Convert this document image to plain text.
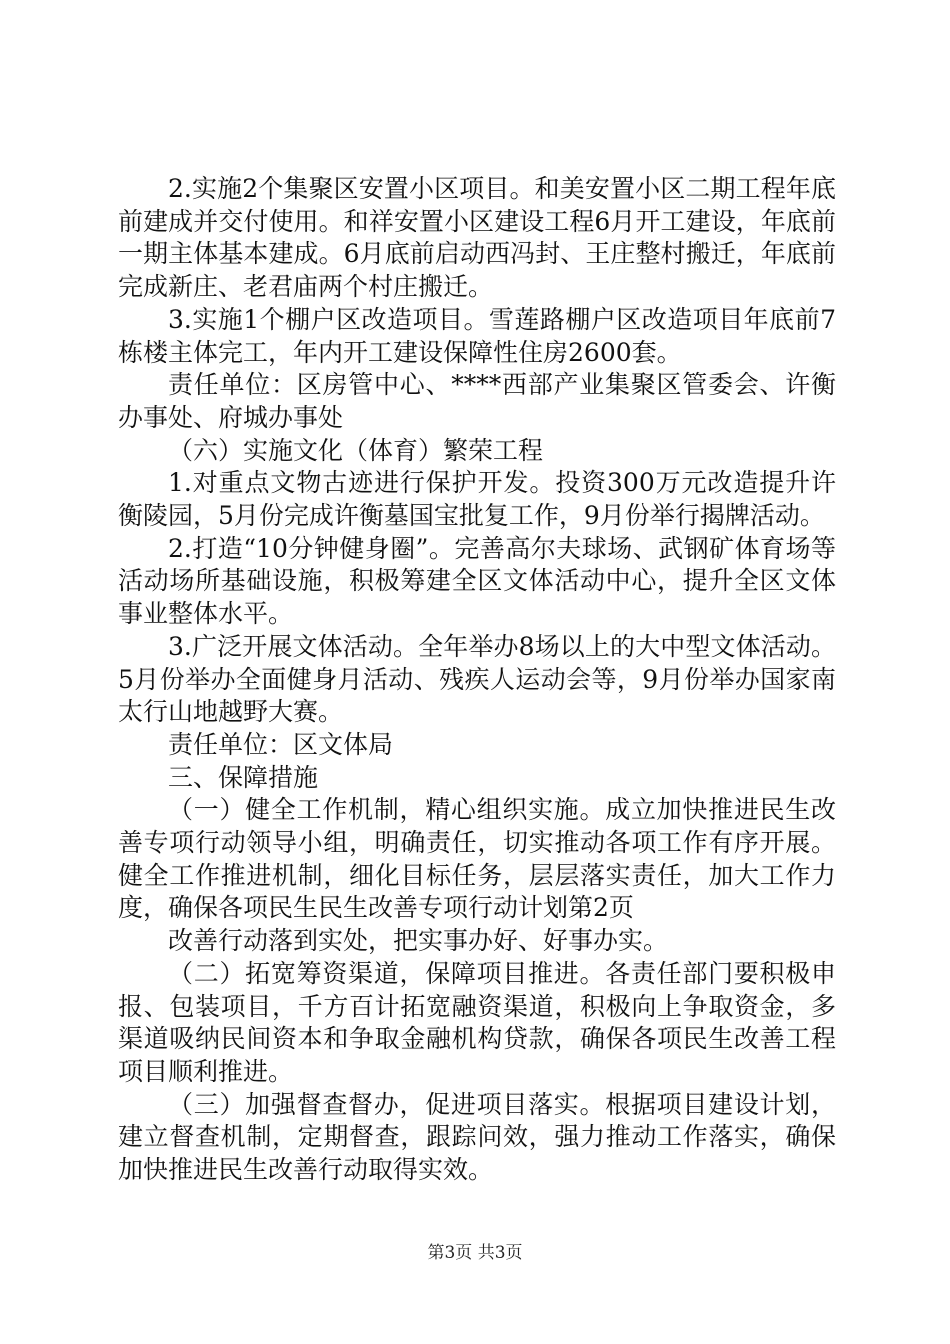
2.实施2个集聚区安置小区项目。和美安置小区二期工程年底前建成并交付使用。和祥安置小区建设工程6月开工建设，年底前一期主体基本建成。6月底前启动西冯封、王庄整村搬迁，年底前完成新庄、老君庙两个村庄搬迁。

3.实施1个棚户区改造项目。雪莲路棚户区改造项目年底前7栋楼主体完工，年内开工建设保障性住房2600套。

责任单位：区房管中心、****西部产业集聚区管委会、许衡办事处、府城办事处

（六）实施文化（体育）繁荣工程

1.对重点文物古迹进行保护开发。投资300万元改造提升许衡陵园，5月份完成许衡墓国宝批复工作，9月份举行揭牌活动。

2.打造“10分钟健身圈”。完善高尔夫球场、武钢矿体育场等活动场所基础设施，积极筹建全区文体活动中心，提升全区文体事业整体水平。

3.广泛开展文体活动。全年举办8场以上的大中型文体活动。5月份举办全面健身月活动、残疾人运动会等，9月份举办国家南太行山地越野大赛。

责任单位：区文体局

三、保障措施

（一）健全工作机制，精心组织实施。成立加快推进民生改善专项行动领导小组，明确责任，切实推动各项工作有序开展。健全工作推进机制，细化目标任务，层层落实责任，加大工作力度，确保各项民生民生改善专项行动计划第2页

改善行动落到实处，把实事办好、好事办实。

（二）拓宽筹资渠道，保障项目推进。各责任部门要积极申报、包装项目，千方百计拓宽融资渠道，积极向上争取资金，多渠道吸纳民间资本和争取金融机构贷款，确保各项民生改善工程项目顺利推进。

（三）加强督查督办，促进项目落实。根据项目建设计划，建立督查机制，定期督查，跟踪问效，强力推动工作落实，确保加快推进民生改善行动取得实效。

第3页 共3页
